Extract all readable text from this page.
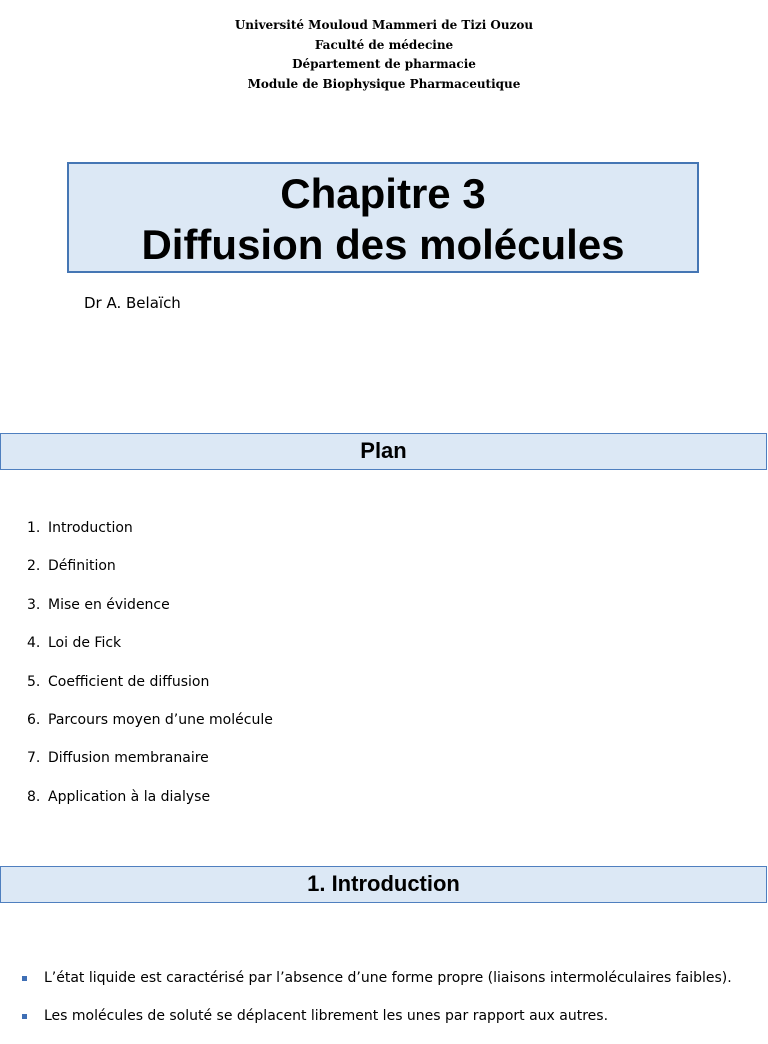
Université Mouloud Mammeri de Tizi Ouzou
Faculté de médecine
Département de pharmacie
Module de Biophysique Pharmaceutique
Chapitre 3
Diffusion des molécules
Dr A. Belaïch
Plan
1. Introduction
2. Définition
3. Mise en évidence
4. Loi de Fick
5. Coefficient de diffusion
6. Parcours moyen d’une molécule
7. Diffusion membranaire
8. Application à la dialyse
1. Introduction
L’état liquide est caractérisé par l’absence d’une forme propre (liaisons intermoléculaires faibles).
Les molécules de soluté se déplacent librement les unes par rapport aux autres.
